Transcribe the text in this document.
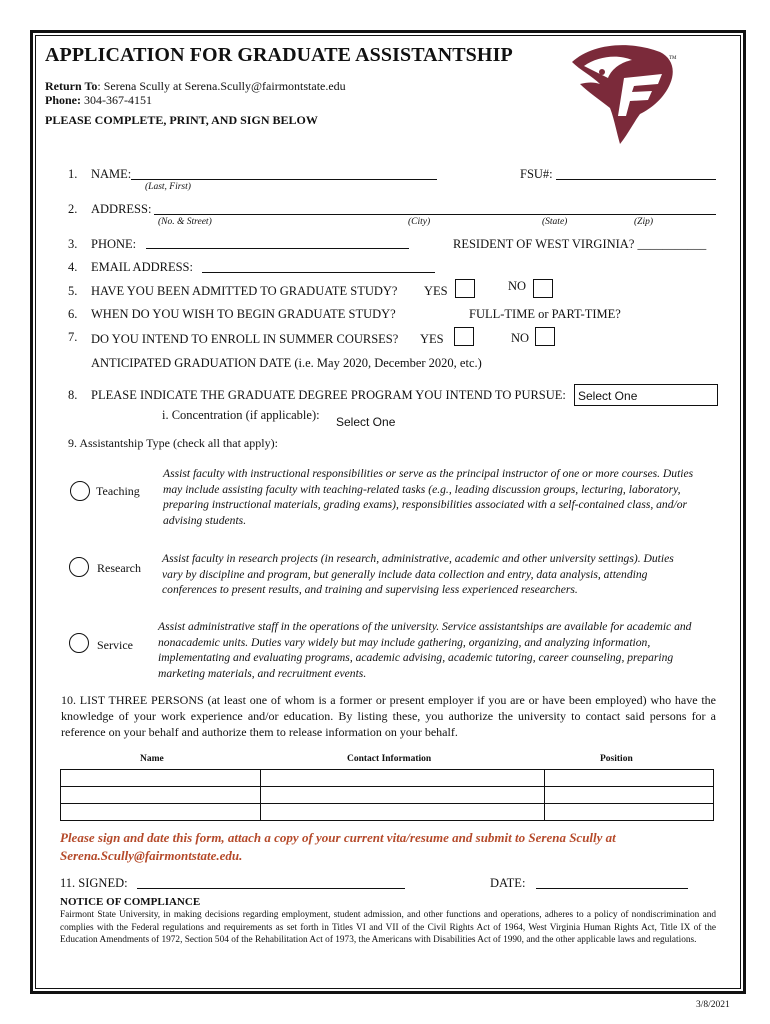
APPLICATION FOR GRADUATE ASSISTANTSHIP
Return To: Serena Scully at Serena.Scully@fairmontstate.edu
Phone: 304-367-4151
PLEASE COMPLETE, PRINT, AND SIGN BELOW
TM
1. NAME:
(Last, First)
FSU#:
2. ADDRESS:
(No. & Street)	(City)	(State)	(Zip)
3. PHONE:	RESIDENT OF WEST VIRGINIA? ___________
4. EMAIL ADDRESS:
5. HAVE YOU BEEN ADMITTED TO GRADUATE STUDY? YES	NO
6. WHEN DO YOU WISH TO BEGIN GRADUATE STUDY?	FULL-TIME or PART-TIME?
7. DO YOU INTEND TO ENROLL IN SUMMER COURSES? YES	NO
ANTICIPATED GRADUATION DATE (i.e. May 2020, December 2020, etc.)
8. PLEASE INDICATE THE GRADUATE DEGREE PROGRAM YOU INTEND TO PURSUE:	Select One
i. Concentration (if applicable): Select One
9. Assistantship Type (check all that apply):
Teaching
Assist faculty with instructional responsibilities or serve as the principal instructor of one or more courses. Duties may include assisting faculty with teaching-related tasks (e.g., leading discussion groups, lecturing, laboratory, preparing instructional materials, grading exams), responsibilities associated with a self-contained class, and/or advising students.
Research
Assist faculty in research projects (in research, administrative, academic and other university settings). Duties vary by discipline and program, but generally include data collection and entry, data analysis, attending conferences to present results, and training and supervising less experienced researchers.
Service
Assist administrative staff in the operations of the university. Service assistantships are available for academic and nonacademic units. Duties vary widely but may include gathering, organizing, and analyzing information, implementating and evaluating programs, academic advising, academic tutoring, career counseling, preparing marketing materials, and recruitment events.
10. LIST THREE PERSONS (at least one of whom is a former or present employer if you are or have been employed) who have the knowledge of your work experience and/or education. By listing these, you authorize the university to contact said persons for a reference on your behalf and authorize them to release information on your behalf.
Name	Contact Information	Position

Please sign and date this form, attach a copy of your current vita/resume and submit to Serena Scully at Serena.Scully@fairmontstate.edu.
11. SIGNED:	DATE:
NOTICE OF COMPLIANCE
Fairmont State University, in making decisions regarding employment, student admission, and other functions and operations, adheres to a policy of nondiscrimination and complies with the Federal regulations and requirements as set forth in Titles VI and VII of the Civil Rights Act of 1964, West Virginia Human Rights Act, Title IX of the Education Amendments of 1972, Section 504 of the Rehabilitation Act of 1973, the Americans with Disabilities Act of 1990, and the other applicable laws and regulations.
3/8/2021
